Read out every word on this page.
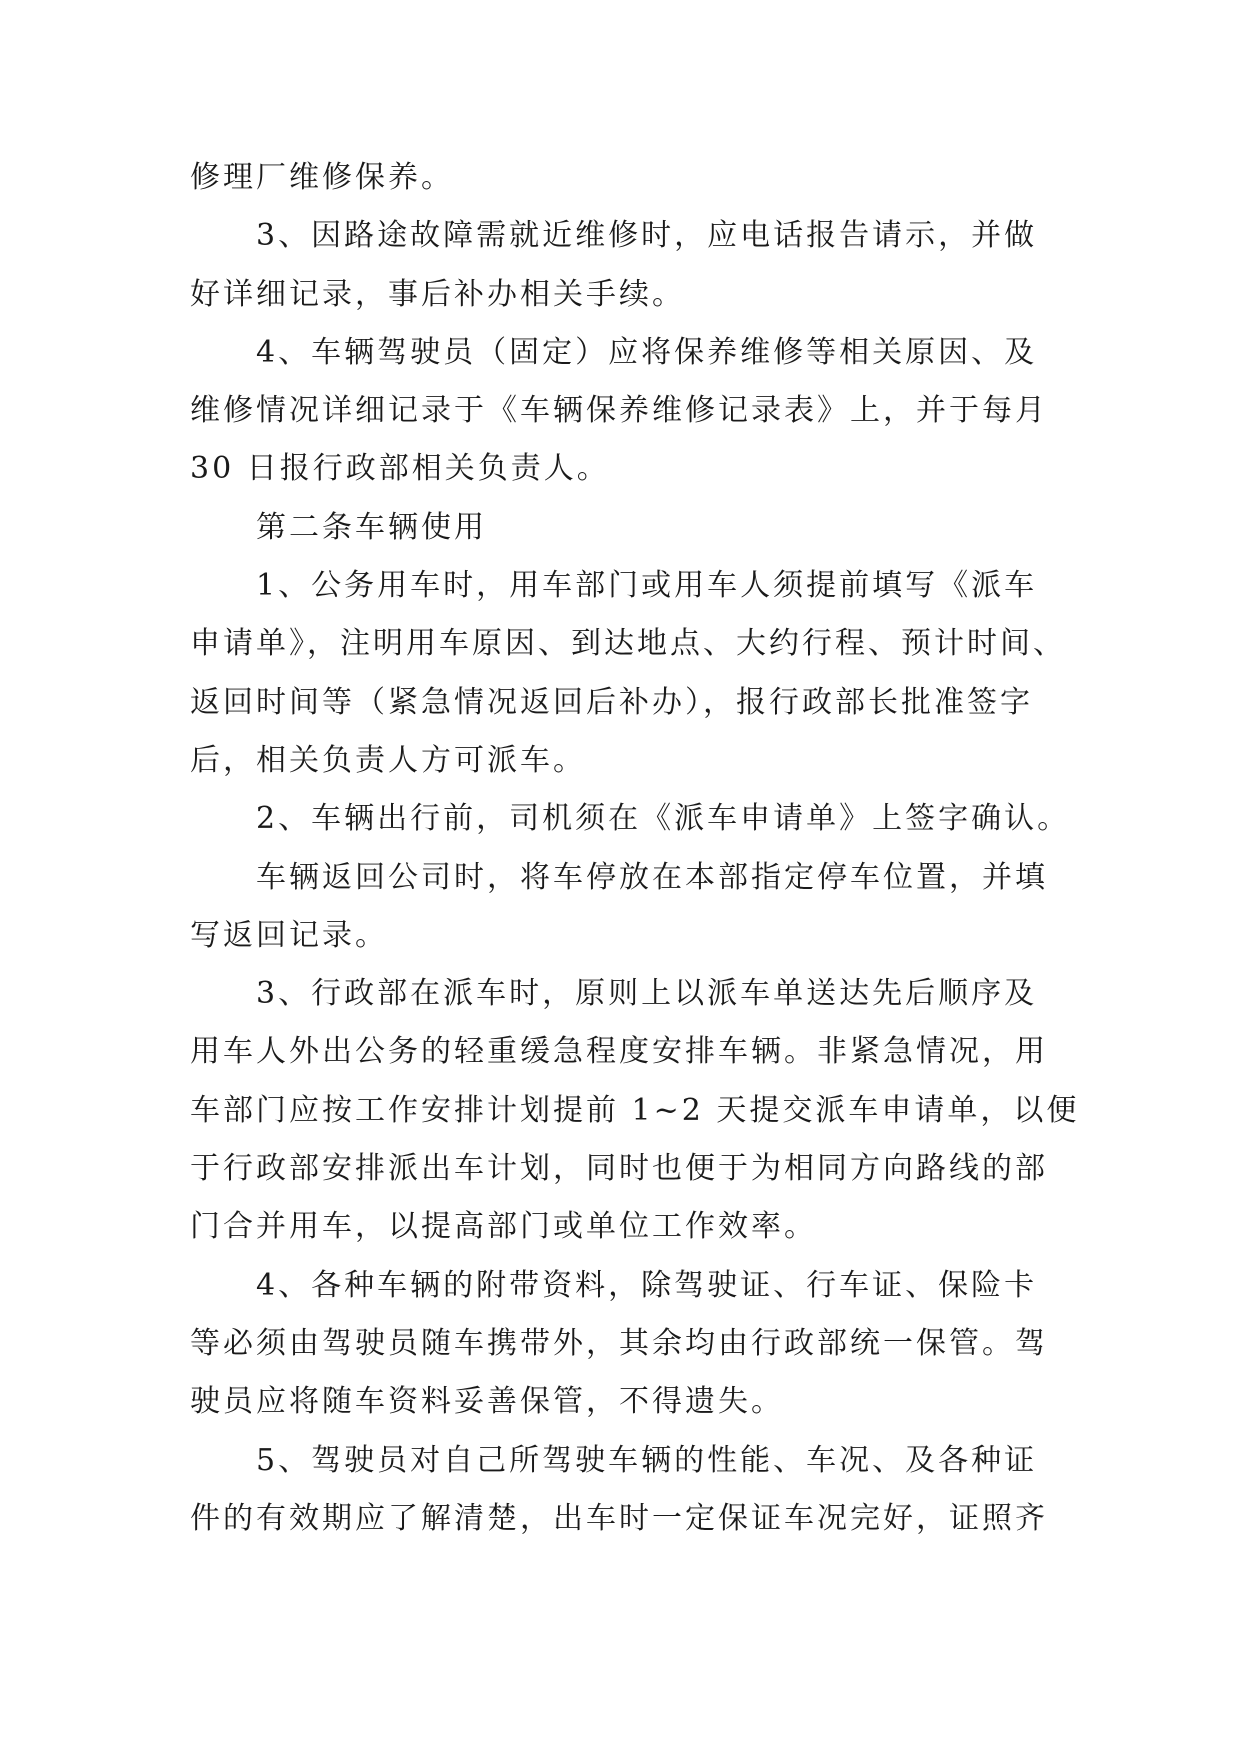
修理厂维修保养。
3、因路途故障需就近维修时，应电话报告请示，并做
好详细记录，事后补办相关手续。
4、车辆驾驶员（固定）应将保养维修等相关原因、及
维修情况详细记录于《车辆保养维修记录表》上，并于每月
30 日报行政部相关负责人。
第二条车辆使用
1、公务用车时，用车部门或用车人须提前填写《派车
申请单》，注明用车原因、到达地点、大约行程、预计时间、
返回时间等（紧急情况返回后补办），报行政部长批准签字
后，相关负责人方可派车。
2、车辆出行前，司机须在《派车申请单》上签字确认。
车辆返回公司时，将车停放在本部指定停车位置，并填
写返回记录。
3、行政部在派车时，原则上以派车单送达先后顺序及
用车人外出公务的轻重缓急程度安排车辆。非紧急情况，用
车部门应按工作安排计划提前 1~2 天提交派车申请单，以便
于行政部安排派出车计划，同时也便于为相同方向路线的部
门合并用车，以提高部门或单位工作效率。
4、各种车辆的附带资料，除驾驶证、行车证、保险卡
等必须由驾驶员随车携带外，其余均由行政部统一保管。驾
驶员应将随车资料妥善保管，不得遗失。
5、驾驶员对自己所驾驶车辆的性能、车况、及各种证
件的有效期应了解清楚，出车时一定保证车况完好，证照齐
